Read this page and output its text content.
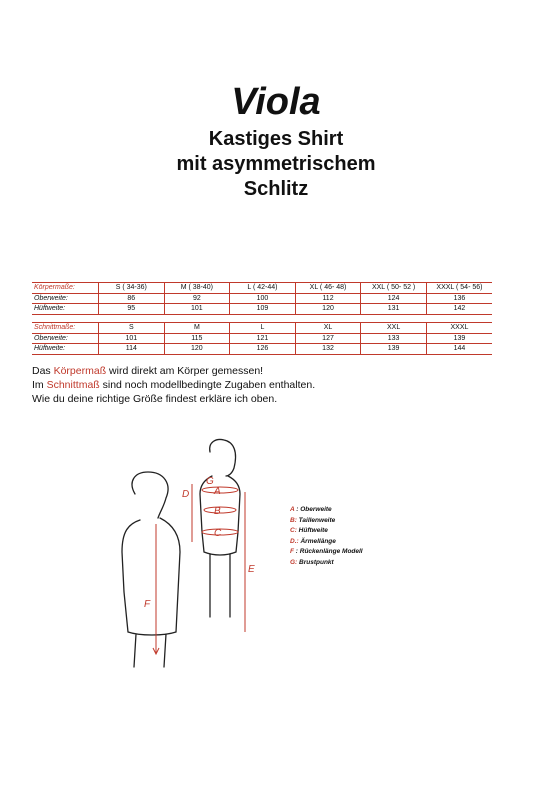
Viola
Kastiges Shirt
mit asymmetrischem
Schlitz
Körpermaße:	S ( 34-36)	M ( 38-40)	L ( 42-44)	XL ( 46- 48)	XXL ( 50- 52 )	XXXL ( 54- 56)
Oberweite:	86	92	100	112	124	136
Hüftweite:	95	101	109	120	131	142
Schnittmaße:	S	M	L	XL	XXL	XXXL
Oberweite:	101	115	121	127	133	139
Hüftweite:	114	120	126	132	139	144
Das Körpermaß wird direkt am Körper gemessen!
Im Schnittmaß sind noch modellbedingte Zugaben enthalten.
Wie du deine richtige Größe findest erkläre ich oben.
F
D
G
A
B
C
E
A : Oberweite
B: Taillenweite
C: Hüftweite
D.: Ärmellänge
F : Rückenlänge Modell
G: Brustpunkt
